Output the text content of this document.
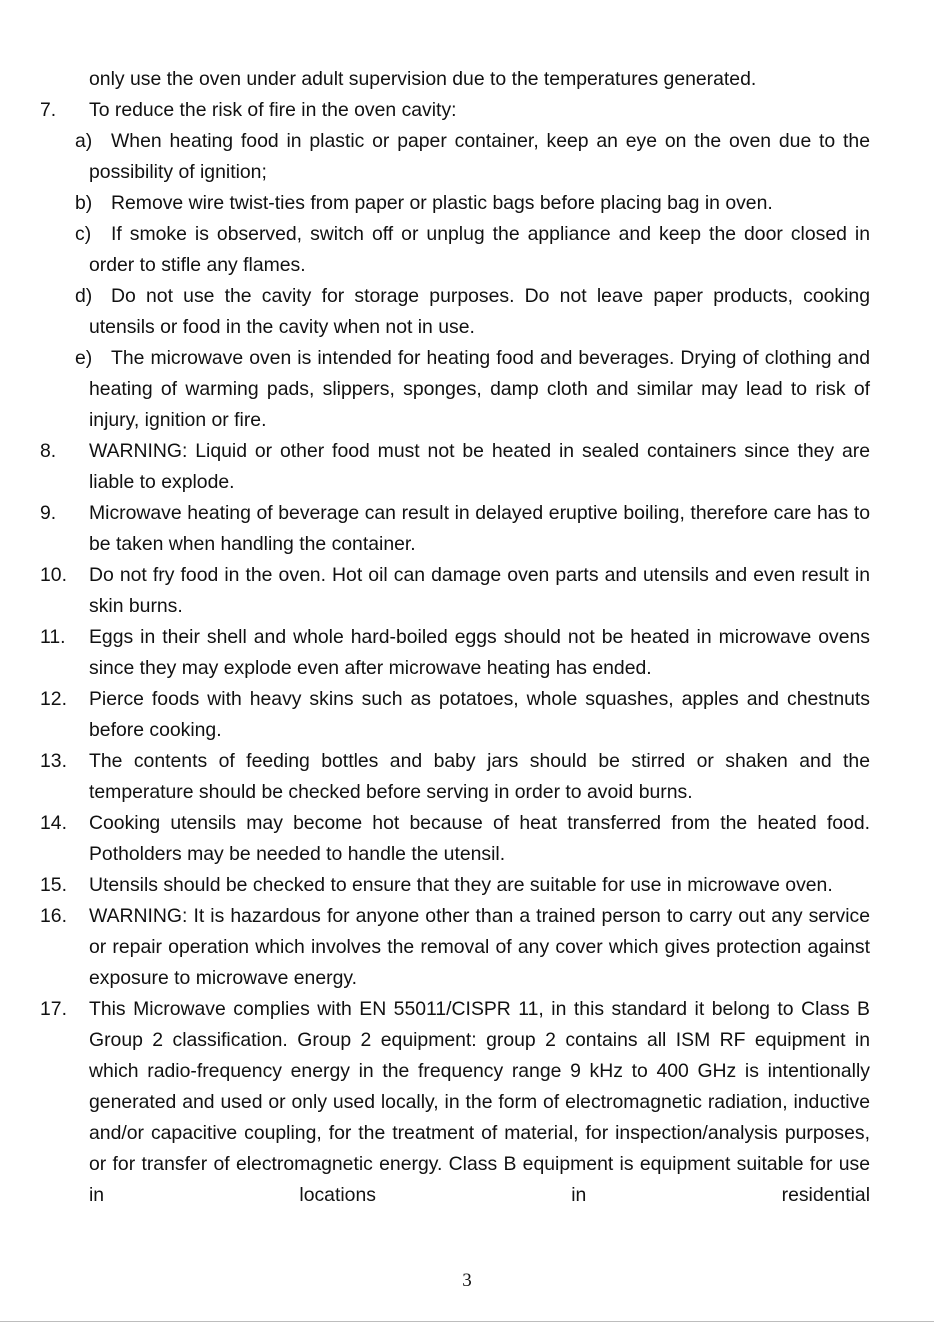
only use the oven under adult supervision due to the temperatures generated.

7.	To reduce the risk of fire in the oven cavity:

a) When heating food in plastic or paper container, keep an eye on the oven due to the possibility of ignition;

b) Remove wire twist-ties from paper or plastic bags before placing bag in oven.

c) If smoke is observed, switch off or unplug the appliance and keep the door closed in order to stifle any flames.

d) Do not use the cavity for storage purposes. Do not leave paper products, cooking utensils or food in the cavity when not in use.

e) The microwave oven is intended for heating food and beverages. Drying of clothing and heating of warming pads, slippers, sponges, damp cloth and similar may lead to risk of injury, ignition or fire.

8.	WARNING: Liquid or other food must not be heated in sealed containers since they are liable to explode.

9.	Microwave heating of beverage can result in delayed eruptive boiling, therefore care has to be taken when handling the container.

10.	Do not fry food in the oven. Hot oil can damage oven parts and utensils and even result in skin burns.

11.	Eggs in their shell and whole hard-boiled eggs should not be heated in microwave ovens since they may explode even after microwave heating has ended.

12.	Pierce foods with heavy skins such as potatoes, whole squashes, apples and chestnuts before cooking.

13.	The contents of feeding bottles and baby jars should be stirred or shaken and the temperature should be checked before serving in order to avoid burns.

14.	Cooking utensils may become hot because of heat transferred from the heated food. Potholders may be needed to handle the utensil.

15.	Utensils should be checked to ensure that they are suitable for use in microwave oven.

16.	WARNING: It is hazardous for anyone other than a trained person to carry out any service or repair operation which involves the removal of any cover which gives protection against exposure to microwave energy.

17.	This Microwave complies with EN 55011/CISPR 11, in this standard it belong to Class B Group 2 classification. Group 2 equipment: group 2 contains all ISM RF equipment in which radio-frequency energy in the frequency range 9 kHz to 400 GHz is intentionally generated and used or only used locally, in the form of electromagnetic radiation, inductive and/or capacitive coupling, for the treatment of material, for inspection/analysis purposes, or for transfer of electromagnetic energy. Class B equipment is equipment suitable for use in locations in residential

3
